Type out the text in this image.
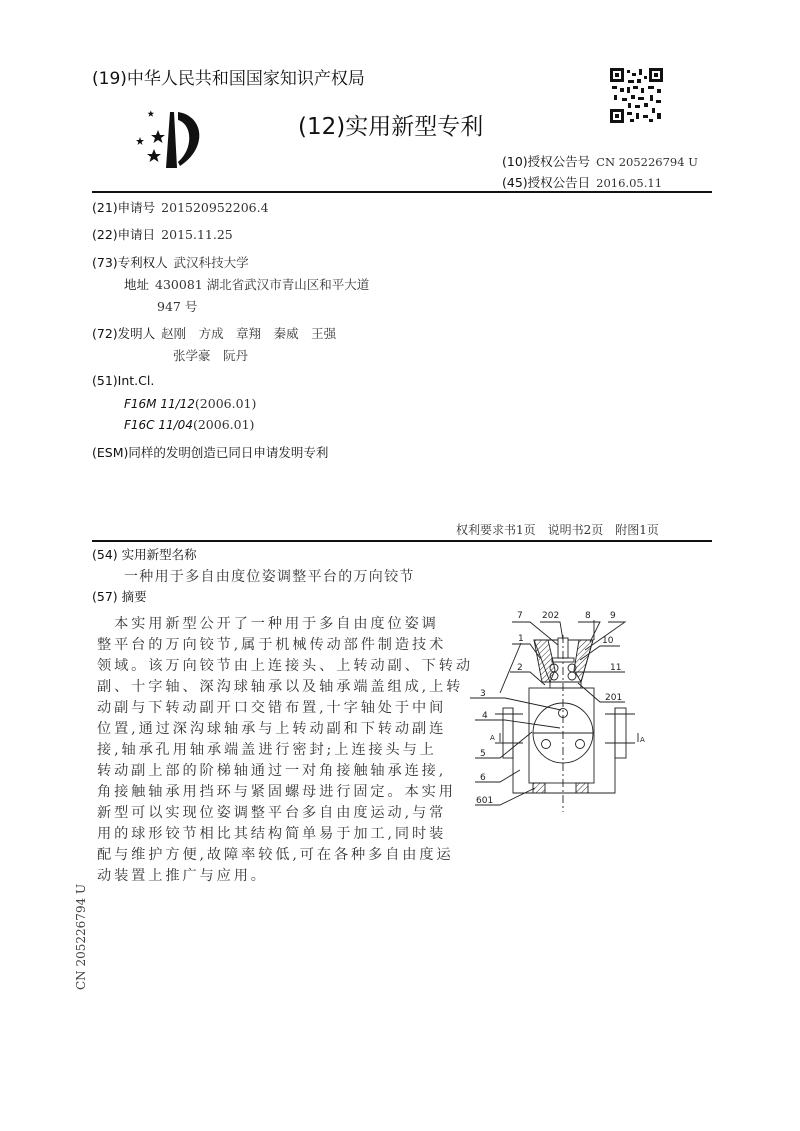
(19)中华人民共和国国家知识产权局
(12)实用新型专利
(10)授权公告号 CN 205226794 U
(45)授权公告日 2016.05.11
(21)申请号 201520952206.4
(22)申请日 2015.11.25
(73)专利权人 武汉科技大学
地址 430081 湖北省武汉市青山区和平大道
947 号
(72)发明人 赵刚　方成　章翔　秦威　王强
张学豪　阮丹
(51)Int.Cl.
F16M 11/12(2006.01)
F16C 11/04(2006.01)
(ESM)同样的发明创造已同日申请发明专利
权利要求书1页　说明书2页　附图1页
(54) 实用新型名称
一种用于多自由度位姿调整平台的万向铰节
(57) 摘要
　本实用新型公开了一种用于多自由度位姿调
整平台的万向铰节,属于机械传动部件制造技术
领域。该万向铰节由上连接头、上转动副、下转动
副、十字轴、深沟球轴承以及轴承端盖组成,上转
动副与下转动副开口交错布置,十字轴处于中间
位置,通过深沟球轴承与上转动副和下转动副连
接,轴承孔用轴承端盖进行密封;上连接头与上
转动副上部的阶梯轴通过一对角接触轴承连接,
角接触轴承用挡环与紧固螺母进行固定。本实用
新型可以实现位姿调整平台多自由度运动,与常
用的球形铰节相比其结构简单易于加工,同时装
配与维护方便,故障率较低,可在各种多自由度运
动装置上推广与应用。
7 202	8 9
1	10
11
2
201
3
4
5
6
601
A	A
CN 205226794 U
